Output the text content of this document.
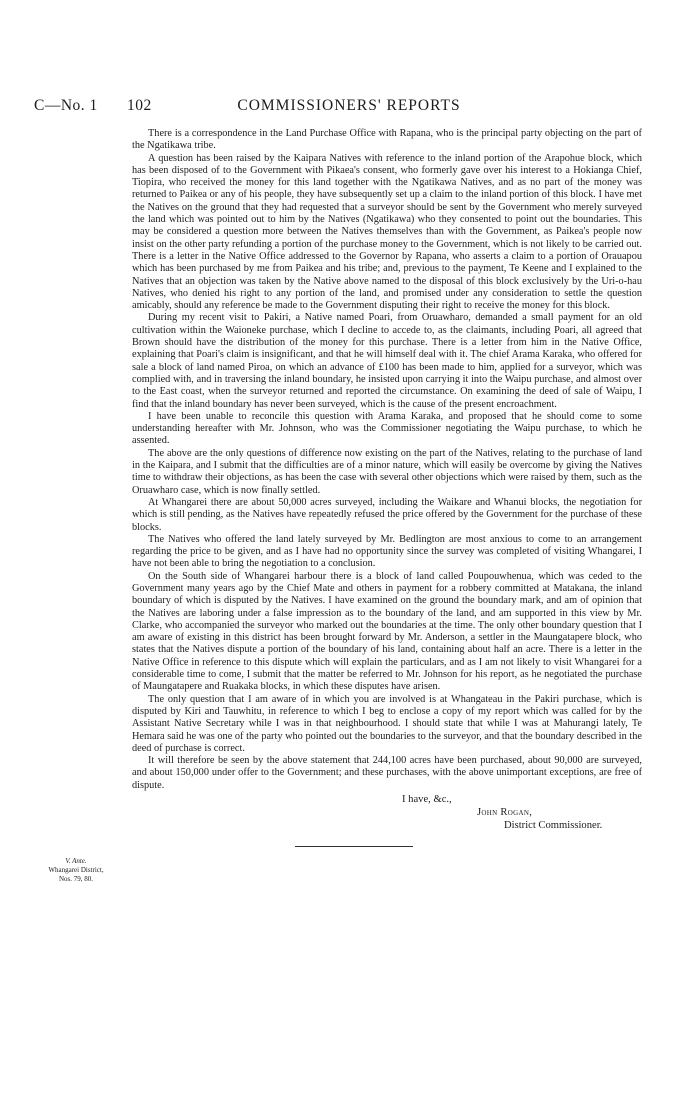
C—No. 1 102	COMMISSIONERS' REPORTS

There is a correspondence in the Land Purchase Office with Rapana, who is the principal party objecting on the part of the Ngatikawa tribe.

A question has been raised by the Kaipara Natives with reference to the inland portion of the Arapohue block, which has been disposed of to the Government with Pikaea's consent, who formerly gave over his interest to a Hokianga Chief, Tiopira, who received the money for this land together with the Ngatikawa Natives, and as no part of the money was returned to Paikea or any of his people, they have subsequently set up a claim to the inland portion of this block. I have met the Natives on the ground that they had requested that a surveyor should be sent by the Government who merely surveyed the land which was pointed out to him by the Natives (Ngatikawa) who they consented to point out the boundaries. This may be considered a question more between the Natives themselves than with the Government, as Paikea's people now insist on the other party refunding a portion of the purchase money to the Government, which is not likely to be carried out. There is a letter in the Native Office addressed to the Governor by Rapana, who asserts a claim to a portion of Orauapou which has been purchased by me from Paikea and his tribe; and, previous to the payment, Te Keene and I explained to the Natives that an objection was taken by the Native above named to the disposal of this block exclusively by the Uri-o-hau Natives, who denied his right to any portion of the land, and promised under any consideration to settle the question amicably, should any reference be made to the Government disputing their right to receive the money for this block.

During my recent visit to Pakiri, a Native named Poari, from Oruawharo, demanded a small payment for an old cultivation within the Waioneke purchase, which I decline to accede to, as the claimants, including Poari, all agreed that Brown should have the distribution of the money for this purchase. There is a letter from him in the Native Office, explaining that Poari's claim is insignificant, and that he will himself deal with it. The chief Arama Karaka, who offered for sale a block of land named Piroa, on which an advance of £100 has been made to him, applied for a surveyor, which was complied with, and in traversing the inland boundary, he insisted upon carrying it into the Waipu purchase, and almost over to the East coast, when the surveyor returned and reported the circumstance. On examining the deed of sale of Waipu, I find that the inland boundary has never been surveyed, which is the cause of the present encroachment.

I have been unable to reconcile this question with Arama Karaka, and proposed that he should come to some understanding hereafter with Mr. Johnson, who was the Commissioner negotiating the Waipu purchase, to which he assented.

The above are the only questions of difference now existing on the part of the Natives, relating to the purchase of land in the Kaipara, and I submit that the difficulties are of a minor nature, which will easily be overcome by giving the Natives time to withdraw their objections, as has been the case with several other objections which were raised by them, such as the Oruawharo case, which is now finally settled.

At Whangarei there are about 50,000 acres surveyed, including the Waikare and Whanui blocks, the negotiation for which is still pending, as the Natives have repeatedly refused the price offered by the Government for the purchase of these blocks.

The Natives who offered the land lately surveyed by Mr. Bedlington are most anxious to come to an arrangement regarding the price to be given, and as I have had no opportunity since the survey was completed of visiting Whangarei, I have not been able to bring the negotiation to a conclusion.

On the South side of Whangarei harbour there is a block of land called Poupouwhenua, which was ceded to the Government many years ago by the Chief Mate and others in payment for a robbery committed at Matakana, the inland boundary of which is disputed by the Natives. I have examined on the ground the boundary mark, and am of opinion that the Natives are laboring under a false impression as to the boundary of the land, and am supported in this view by Mr. Clarke, who accompanied the surveyor who marked out the boundaries at the time. The only other boundary question that I am aware of existing in this district has been brought forward by Mr. Anderson, a settler in the Maungatapere block, who states that the Natives dispute a portion of the boundary of his land, containing about half an acre. There is a letter in the Native Office in reference to this dispute which will explain the particulars, and as I am not likely to visit Whangarei for a considerable time to come, I submit that the matter be referred to Mr. Johnson for his report, as he negotiated the purchase of Maungatapere and Ruakaka blocks, in which these disputes have arisen.

The only question that I am aware of in which you are involved is at Whangateau in the Pakiri purchase, which is disputed by Kiri and Tauwhitu, in reference to which I beg to enclose a copy of my report which was called for by the Assistant Native Secretary while I was in that neighbourhood. I should state that while I was at Mahurangi lately, Te Hemara said he was one of the party who pointed out the boundaries to the surveyor, and that the boundary described in the deed of purchase is correct.

It will therefore be seen by the above statement that 244,100 acres have been purchased, about 90,000 are surveyed, and about 150,000 under offer to the Government; and these purchases, with the above unimportant exceptions, are free of dispute.

V. Ante.
Whangarei District,
Nos. 79, 80.
I have, &c.,
John Rogan,
District Commissioner.
